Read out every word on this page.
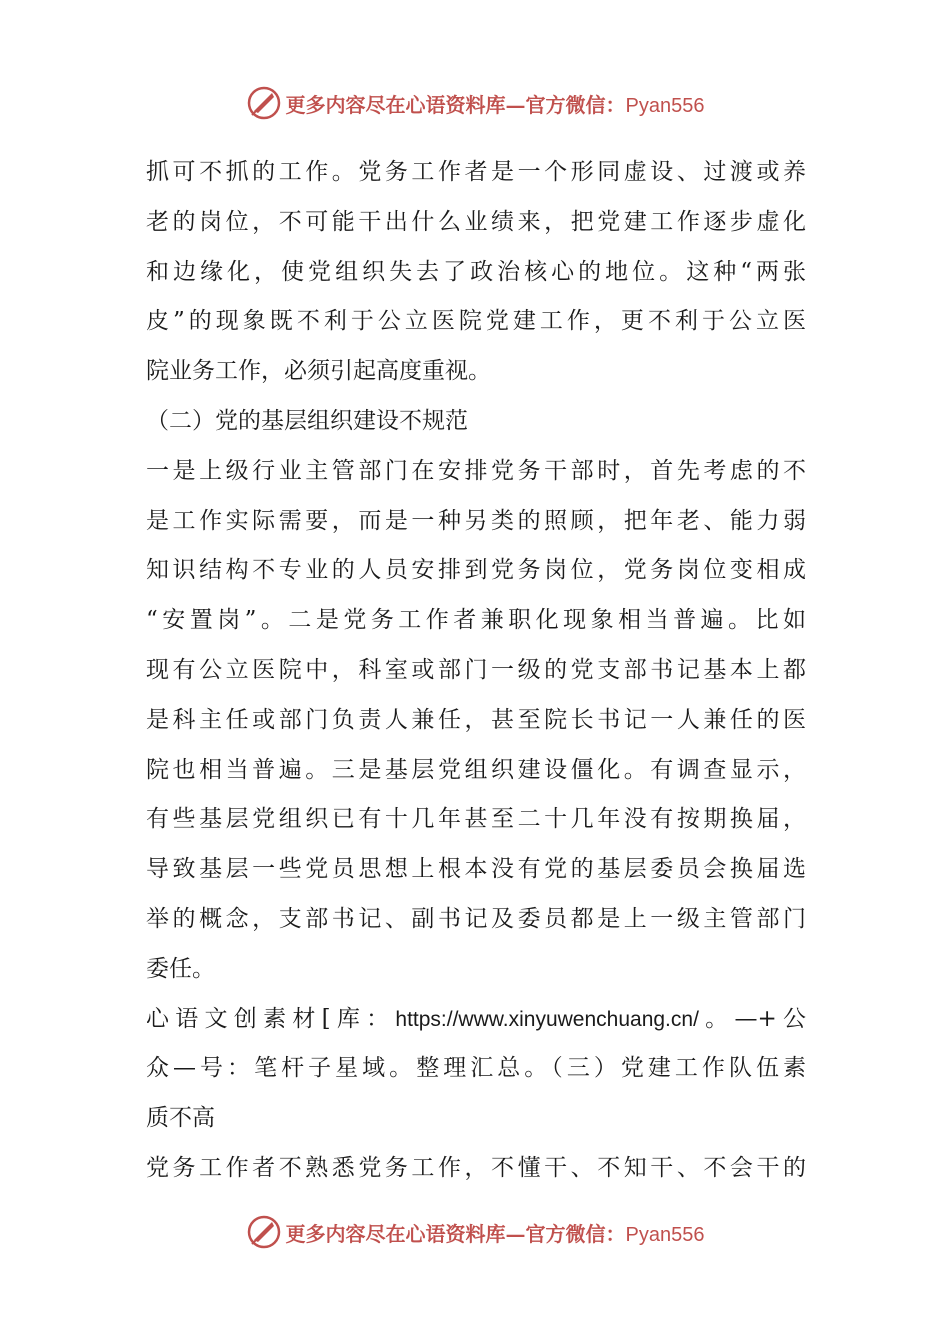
更多内容尽在心语资料库—官方微信：Pyan556
抓可不抓的工作。党务工作者是一个形同虚设、过渡或养
老的岗位，不可能干出什么业绩来，把党建工作逐步虚化
和边缘化，使党组织失去了政治核心的地位。这种“两张
皮”的现象既不利于公立医院党建工作，更不利于公立医
院业务工作，必须引起高度重视。
（二）党的基层组织建设不规范
一是上级行业主管部门在安排党务干部时，首先考虑的不
是工作实际需要，而是一种另类的照顾，把年老、能力弱
知识结构不专业的人员安排到党务岗位，党务岗位变相成
“安置岗”。二是党务工作者兼职化现象相当普遍。比如
现有公立医院中，科室或部门一级的党支部书记基本上都
是科主任或部门负责人兼任，甚至院长书记一人兼任的医
院也相当普遍。三是基层党组织建设僵化。有调查显示，
有些基层党组织已有十几年甚至二十几年没有按期换届，
导致基层一些党员思想上根本没有党的基层委员会换届选
举的概念，支部书记、副书记及委员都是上一级主管部门
委任。
心语文创素材[库：https://www.xinyuwenchuang.cn/。—+公
众—号：笔杆子星域。整理汇总。（三）党建工作队伍素
质不高
党务工作者不熟悉党务工作，不懂干、不知干、不会干的
更多内容尽在心语资料库—官方微信：Pyan556
